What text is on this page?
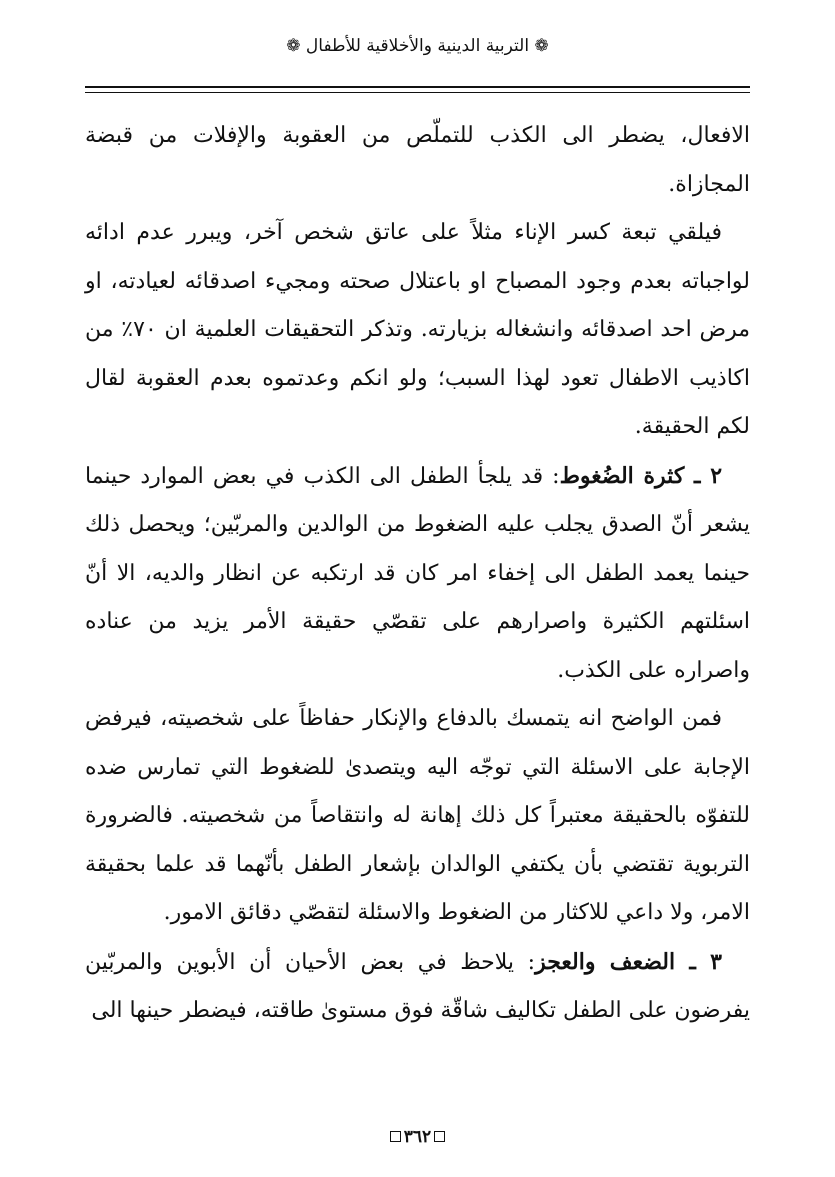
❁ التربية الدينية والأخلاقية للأطفال ❁

الافعال، يضطر الى الكذب للتملّص من العقوبة والإفلات من قبضة المجازاة.

فيلقي تبعة كسر الإناء مثلاً على عاتق شخص آخر، ويبرر عدم ادائه لواجباته بعدم وجود المصباح او باعتلال صحته ومجيء اصدقائه لعيادته، او مرض احد اصدقائه وانشغاله بزيارته. وتذكر التحقيقات العلمية ان ٧٠٪ من اكاذيب الاطفال تعود لهذا السبب؛ ولو انكم وعدتموه بعدم العقوبة لقال لكم الحقيقة.

٢ ـ كثرة الضُغوط: قد يلجأ الطفل الى الكذب في بعض الموارد حينما يشعر أنّ الصدق يجلب عليه الضغوط من الوالدين والمربّين؛ ويحصل ذلك حينما يعمد الطفل الى إخفاء امر كان قد ارتكبه عن انظار والديه، الا أنّ اسئلتهم الكثيرة واصرارهم على تقصّي حقيقة الأمر يزيد من عناده واصراره على الكذب.

فمن الواضح انه يتمسك بالدفاع والإنكار حفاظاً على شخصيته، فيرفض الإجابة على الاسئلة التي توجّه اليه ويتصدىٰ للضغوط التي تمارس ضده للتفوّه بالحقيقة معتبراً كل ذلك إهانة له وانتقاصاً من شخصيته. فالضرورة التربوية تقتضي بأن يكتفي الوالدان بإشعار الطفل بأنّهما قد علما بحقيقة الامر، ولا داعي للاكثار من الضغوط والاسئلة لتقصّي دقائق الامور.

٣ ـ الضعف والعجز: يلاحظ في بعض الأحيان أن الأبوين والمربّين يفرضون على الطفل تكاليف شاقّة فوق مستوىٰ طاقته، فيضطر حينها الى

٣٦٢
